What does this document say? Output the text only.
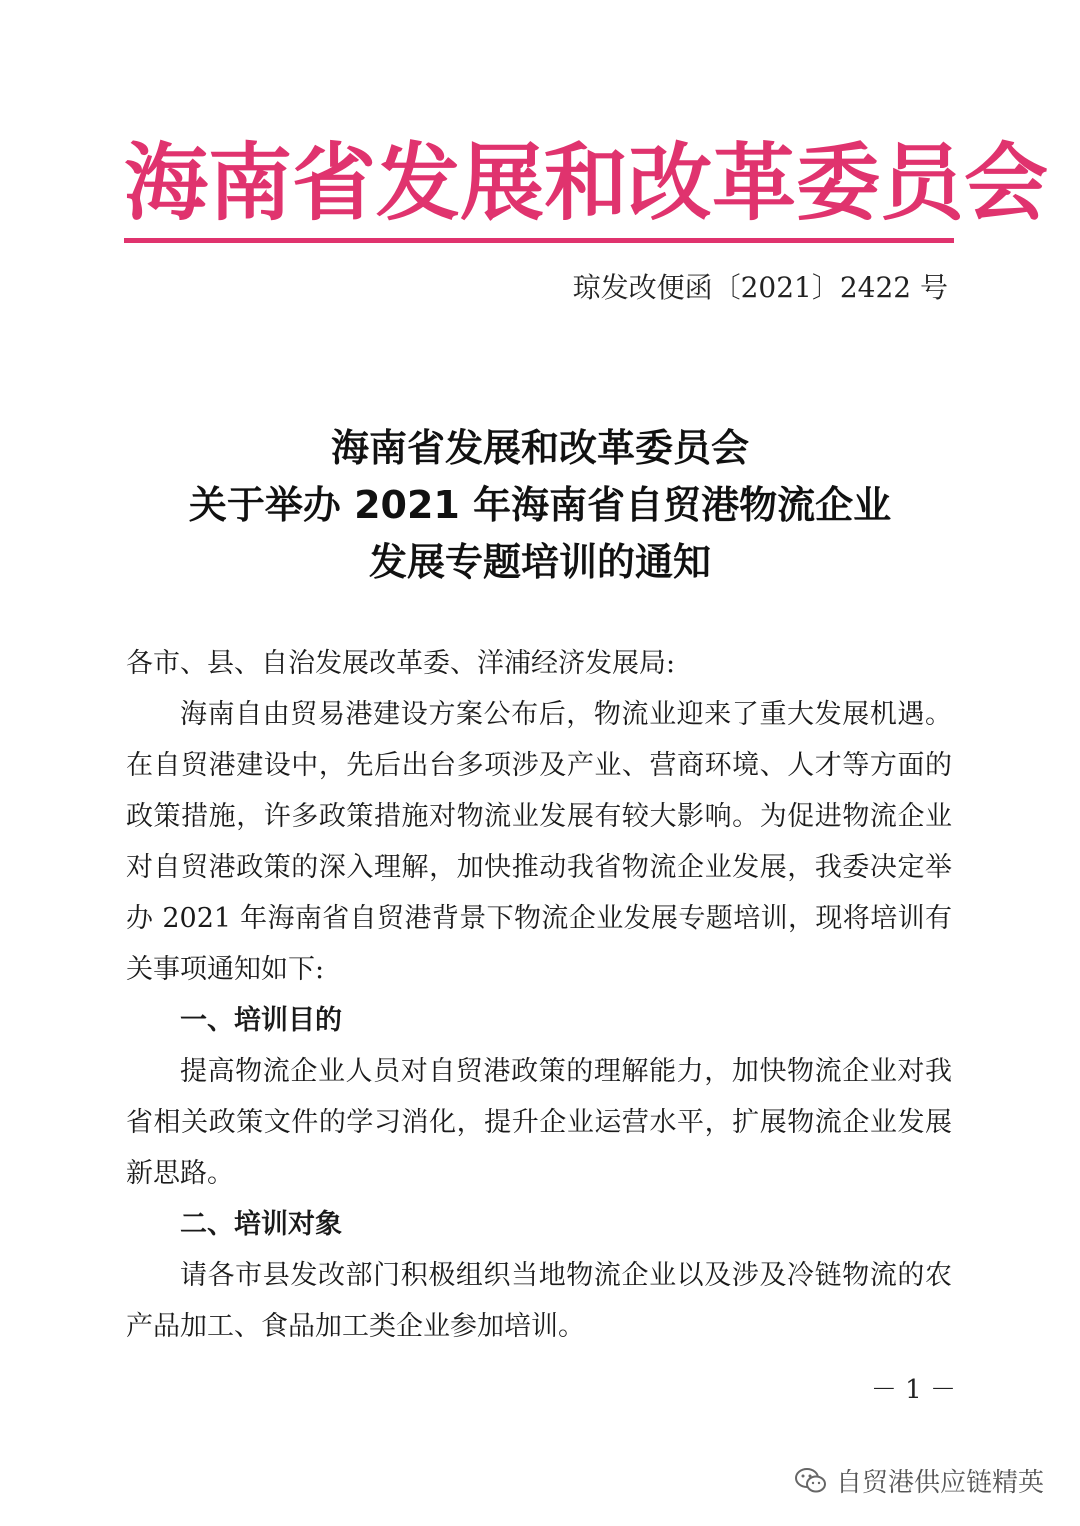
海南省发展和改革委员会
琼发改便函〔2021〕2422 号
海南省发展和改革委员会
关于举办 2021 年海南省自贸港物流企业
发展专题培训的通知

各市、县、自治发展改革委、洋浦经济发展局:

海南自由贸易港建设方案公布后，物流业迎来了重大发展机遇。在自贸港建设中，先后出台多项涉及产业、营商环境、人才等方面的政策措施，许多政策措施对物流业发展有较大影响。为促进物流企业对自贸港政策的深入理解，加快推动我省物流企业发展，我委决定举办 2021 年海南省自贸港背景下物流企业发展专题培训，现将培训有关事项通知如下:

一、培训目的

提高物流企业人员对自贸港政策的理解能力，加快物流企业对我省相关政策文件的学习消化，提升企业运营水平，扩展物流企业发展新思路。

二、培训对象

请各市县发改部门积极组织当地物流企业以及涉及冷链物流的农产品加工、食品加工类企业参加培训。

－ 1 －
自贸港供应链精英
